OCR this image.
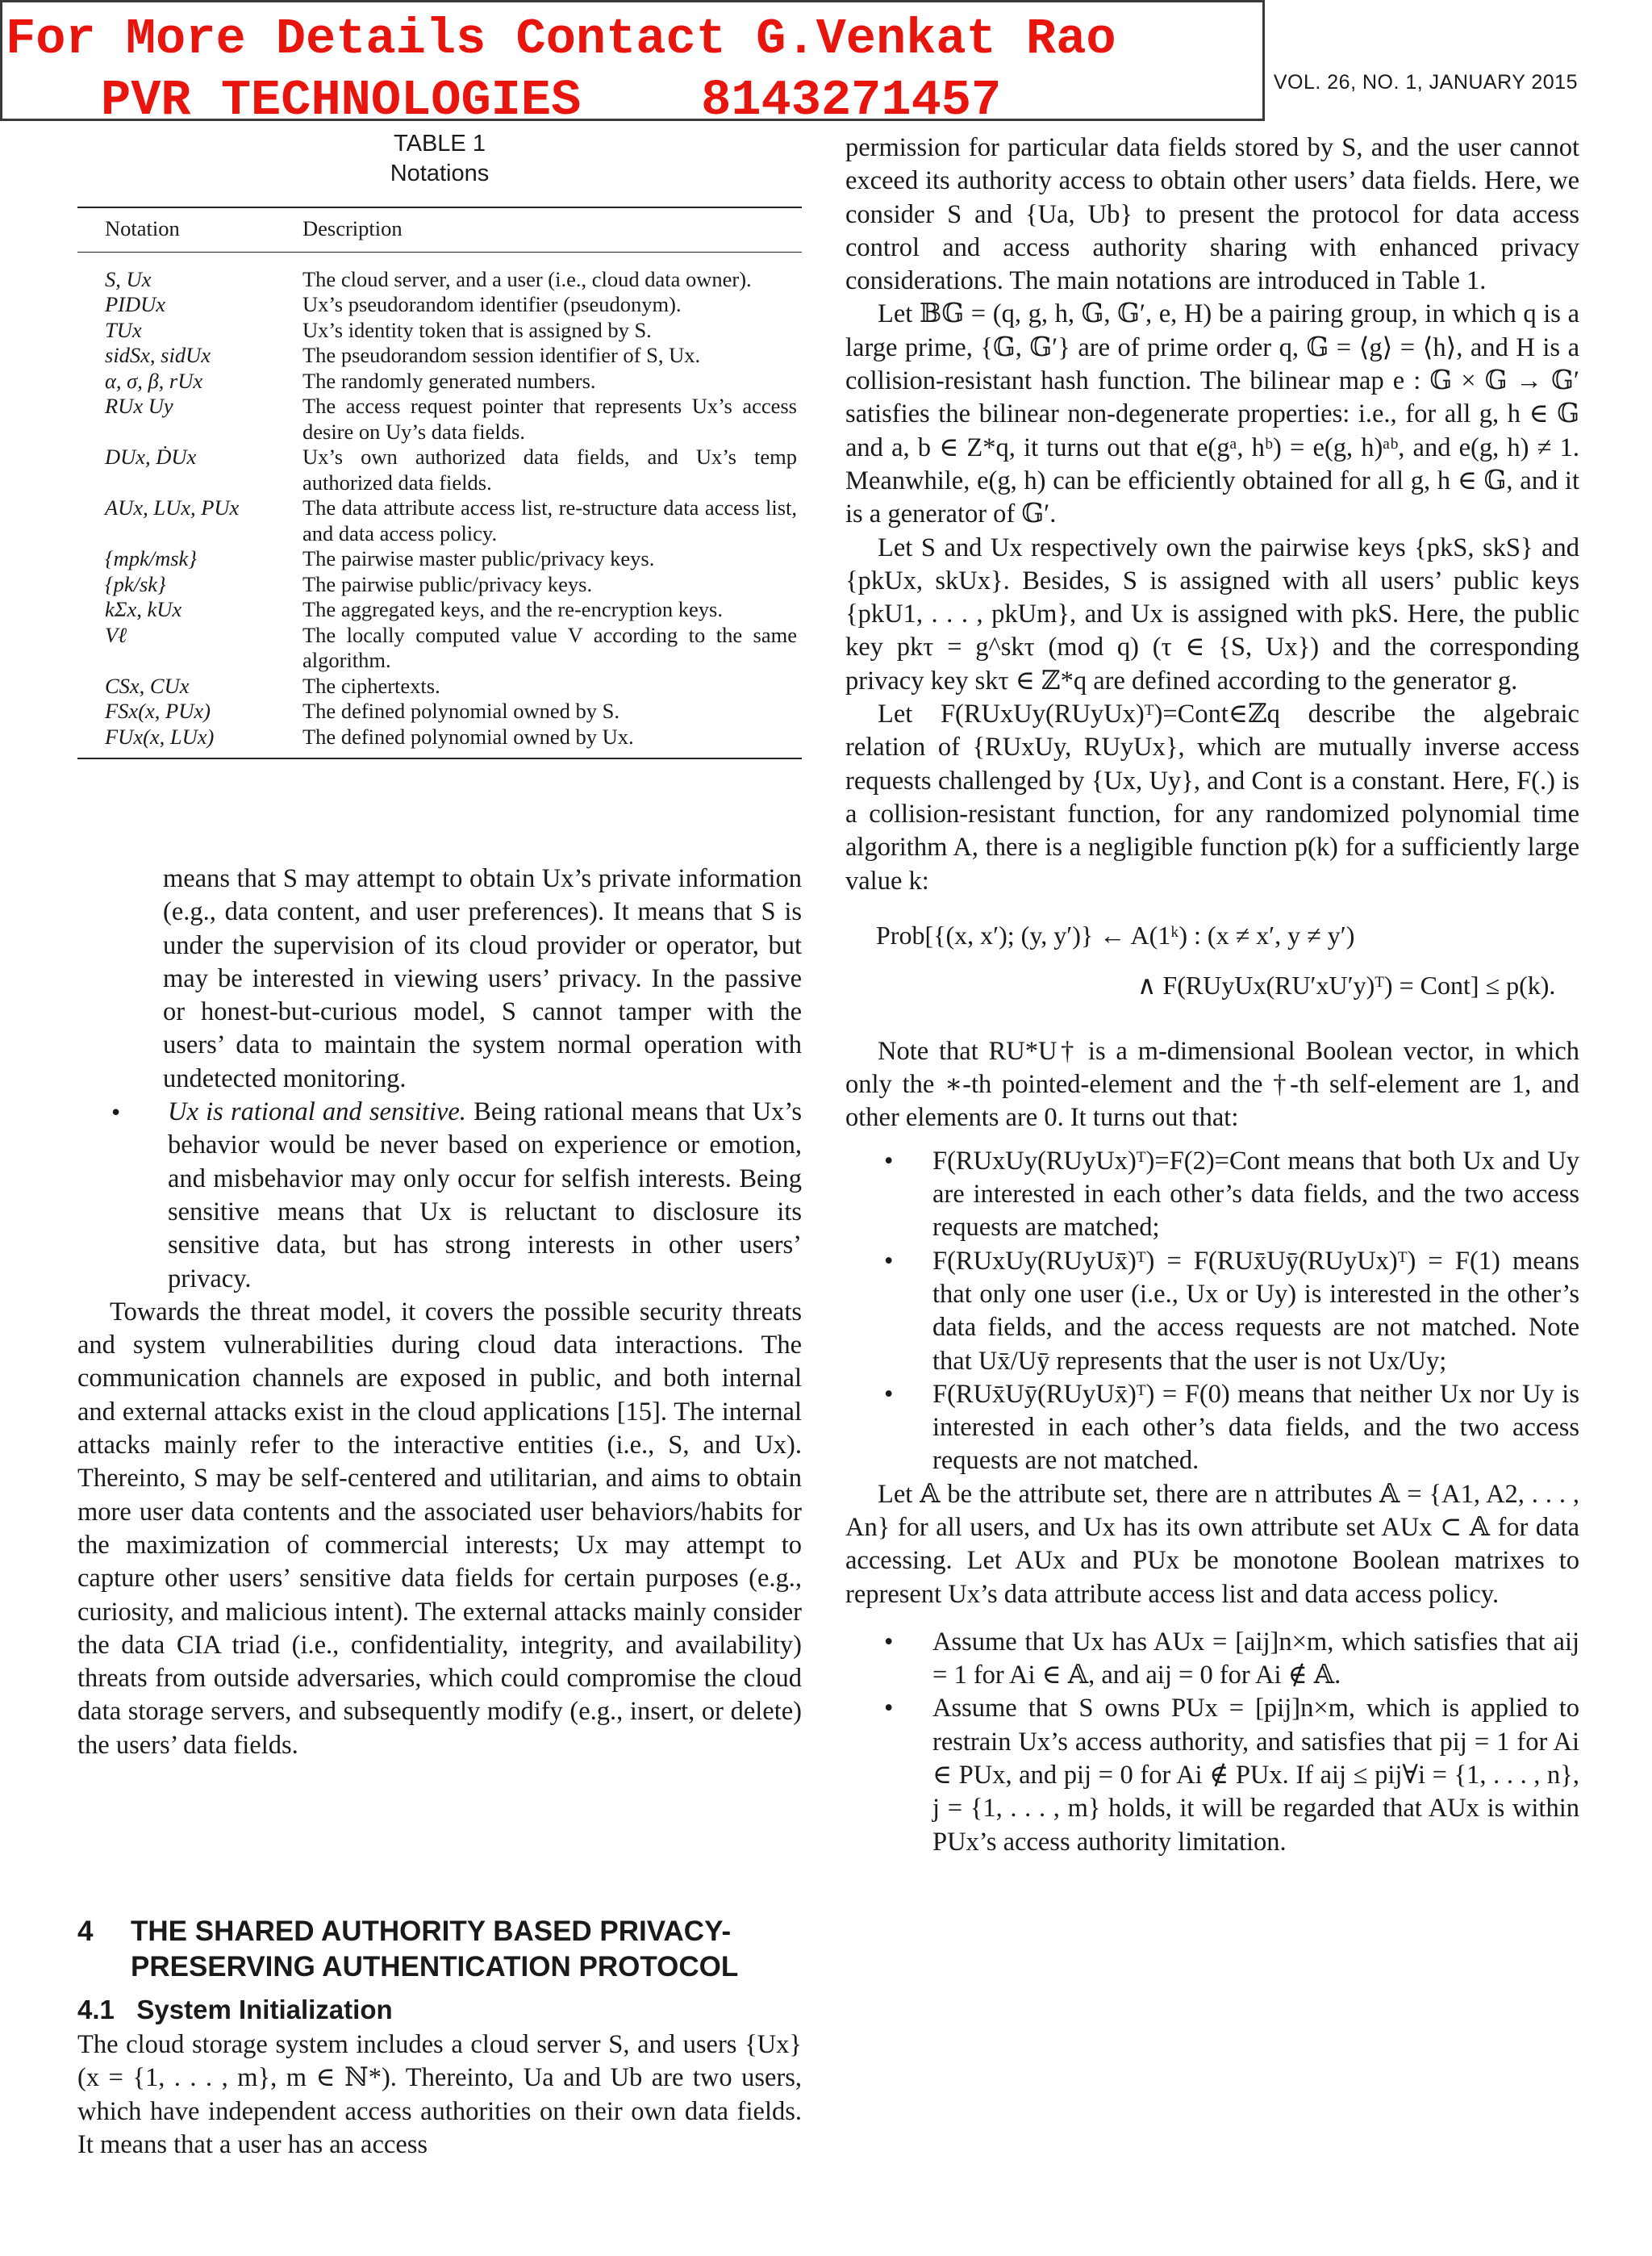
For More Details Contact G.Venkat Rao
PVR TECHNOLOGIES    8143271457	VOL. 26, NO. 1, JANUARY 2015
TABLE 1
Notations
Notation	Description
S, Ux	The cloud server, and a user (i.e., cloud data owner).
PIDUx	Ux’s pseudorandom identifier (pseudonym).
TUx	Ux’s identity token that is assigned by S.
sidSx, sidUx	The pseudorandom session identifier of S, Ux.
α, σ, β, rUx	The randomly generated numbers.
RUx Uy	The access request pointer that represents Ux’s access desire on Uy’s data fields.
DUx, ḊUx	Ux’s own authorized data fields, and Ux’s temp authorized data fields.
AUx, LUx, PUx	The data attribute access list, re-structure data access list, and data access policy.
{mpk/msk}	The pairwise master public/privacy keys.
{pk/sk}	The pairwise public/privacy keys.
kΣx, kUx	The aggregated keys, and the re-encryption keys.
Vℓ	The locally computed value V according to the same algorithm.
CSx, CUx	The ciphertexts.
FSx(x, PUx)	The defined polynomial owned by S.
FUx(x, LUx)	The defined polynomial owned by Ux.

means that S may attempt to obtain Ux’s private information (e.g., data content, and user preferences). It means that S is under the supervision of its cloud provider or operator, but may be interested in viewing users’ privacy. In the passive or honest-but-curious model, S cannot tamper with the users’ data to maintain the system normal operation with undetected monitoring.

• Ux is rational and sensitive. Being rational means that Ux’s behavior would be never based on experience or emotion, and misbehavior may only occur for selfish interests. Being sensitive means that Ux is reluctant to disclosure its sensitive data, but has strong interests in other users’ privacy.

Towards the threat model, it covers the possible security threats and system vulnerabilities during cloud data interactions. The communication channels are exposed in public, and both internal and external attacks exist in the cloud applications [15]. The internal attacks mainly refer to the interactive entities (i.e., S, and Ux). Thereinto, S may be self-centered and utilitarian, and aims to obtain more user data contents and the associated user behaviors/habits for the maximization of commercial interests; Ux may attempt to capture other users’ sensitive data fields for certain purposes (e.g., curiosity, and malicious intent). The external attacks mainly consider the data CIA triad (i.e., confidentiality, integrity, and availability) threats from outside adversaries, which could compromise the cloud data storage servers, and subsequently modify (e.g., insert, or delete) the users’ data fields.

4 THE SHARED AUTHORITY BASED PRIVACY-
PRESERVING AUTHENTICATION PROTOCOL
4.1 System Initialization

The cloud storage system includes a cloud server S, and users {Ux} (x = {1, . . . , m}, m ∈ ℕ*). Thereinto, Ua and Ub are two users, which have independent access authorities on their own data fields. It means that a user has an access

permission for particular data fields stored by S, and the user cannot exceed its authority access to obtain other users’ data fields. Here, we consider S and {Ua, Ub} to present the protocol for data access control and access authority sharing with enhanced privacy considerations. The main notations are introduced in Table 1.

Let 𝔹𝔾 = (q, g, h, 𝔾, 𝔾′, e, H) be a pairing group, in which q is a large prime, {𝔾, 𝔾′} are of prime order q, 𝔾 = ⟨g⟩ = ⟨h⟩, and H is a collision-resistant hash function. The bilinear map e : 𝔾 × 𝔾 → 𝔾′ satisfies the bilinear non-degenerate properties: i.e., for all g, h ∈ 𝔾 and a, b ∈ Z*q, it turns out that e(gᵃ, hᵇ) = e(g, h)ᵃᵇ, and e(g, h) ≠ 1. Meanwhile, e(g, h) can be efficiently obtained for all g, h ∈ 𝔾, and it is a generator of 𝔾′.

Let S and Ux respectively own the pairwise keys {pkS, skS} and {pkUx, skUx}. Besides, S is assigned with all users’ public keys {pkU1, . . . , pkUm}, and Ux is assigned with pkS. Here, the public key pkτ = g^skτ (mod q) (τ ∈ {S, Ux}) and the corresponding privacy key skτ ∈ ℤ*q are defined according to the generator g.

Let F(RUxUy(RUyUx)ᵀ)=Cont∈ℤq describe the algebraic relation of {RUxUy, RUyUx}, which are mutually inverse access requests challenged by {Ux, Uy}, and Cont is a constant. Here, F(.) is a collision-resistant function, for any randomized polynomial time algorithm A, there is a negligible function p(k) for a sufficiently large value k:

Prob[{(x, x′); (y, y′)} ← A(1ᵏ) : (x ≠ x′, y ≠ y′)
∧ F(RUyUx(RU′xU′y)ᵀ) = Cont] ≤ p(k).

Note that RU*U† is a m-dimensional Boolean vector, in which only the ∗-th pointed-element and the †-th self-element are 1, and other elements are 0. It turns out that:

• F(RUxUy(RUyUx)ᵀ)=F(2)=Cont means that both Ux and Uy are interested in each other’s data fields, and the two access requests are matched;
• F(RUxUy(RUyUx̄)ᵀ) = F(RUx̄Uȳ(RUyUx)ᵀ) = F(1) means that only one user (i.e., Ux or Uy) is interested in the other’s data fields, and the access requests are not matched. Note that Ux̄/Uȳ represents that the user is not Ux/Uy;
• F(RUx̄Uȳ(RUyUx̄)ᵀ) = F(0) means that neither Ux nor Uy is interested in each other’s data fields, and the two access requests are not matched.

Let 𝔸 be the attribute set, there are n attributes 𝔸 = {A1, A2, . . . , An} for all users, and Ux has its own attribute set AUx ⊂ 𝔸 for data accessing. Let AUx and PUx be monotone Boolean matrixes to represent Ux’s data attribute access list and data access policy.

• Assume that Ux has AUx = [aij]n×m, which satisfies that aij = 1 for Ai ∈ 𝔸, and aij = 0 for Ai ∉ 𝔸.
• Assume that S owns PUx = [pij]n×m, which is applied to restrain Ux’s access authority, and satisfies that pij = 1 for Ai ∈ PUx, and pij = 0 for Ai ∉ PUx. If aij ≤ pij∀i = {1, . . . , n}, j = {1, . . . , m} holds, it will be regarded that AUx is within PUx’s access authority limitation.
